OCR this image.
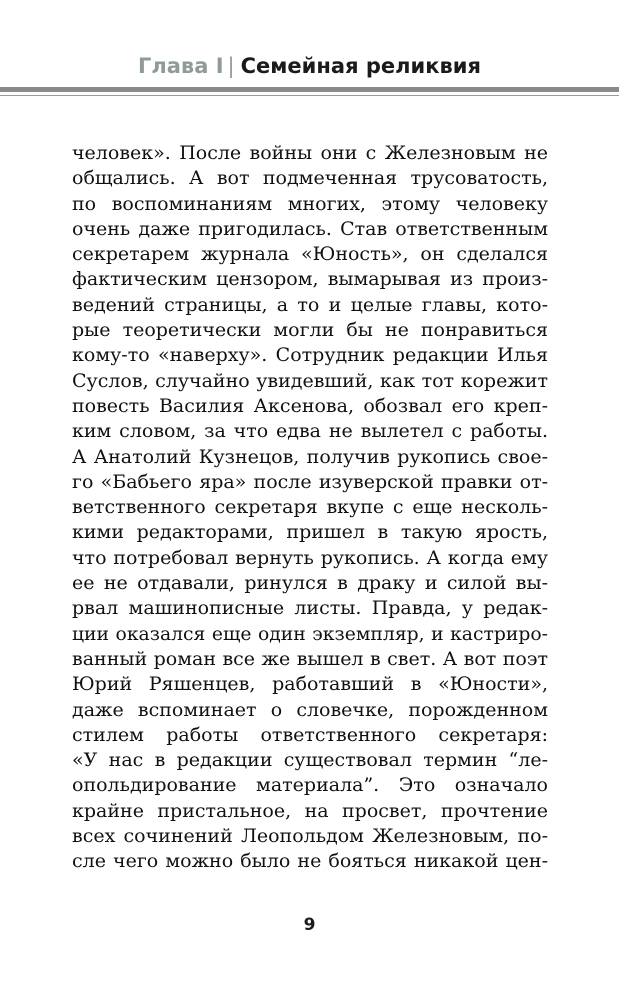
Глава I | Семейная реликвия
человек». После войны они с Железновым не
общались. А вот подмеченная трусоватость,
по воспоминаниям многих, этому человеку
очень даже пригодилась. Став ответственным
секретарем журнала «Юность», он сделался
фактическим цензором, вымарывая из произ-
ведений страницы, а то и целые главы, кото-
рые теоретически могли бы не понравиться
кому-то «наверху». Сотрудник редакции Илья
Суслов, случайно увидевший, как тот корежит
повесть Василия Аксенова, обозвал его креп-
ким словом, за что едва не вылетел с работы.
А Анатолий Кузнецов, получив рукопись свое-
го «Бабьего яра» после изуверской правки от-
ветственного секретаря вкупе с еще несколь-
кими редакторами, пришел в такую ярость,
что потребовал вернуть рукопись. А когда ему
ее не отдавали, ринулся в драку и силой вы-
рвал машинописные листы. Правда, у редак-
ции оказался еще один экземпляр, и кастриро-
ванный роман все же вышел в свет. А вот поэт
Юрий Ряшенцев, работавший в «Юности»,
даже вспоминает о словечке, порожденном
стилем работы ответственного секретаря:
«У нас в редакции существовал термин “ле-
опольдирование материала”. Это означало
крайне пристальное, на просвет, прочтение
всех сочинений Леопольдом Железновым, по-
сле чего можно было не бояться никакой цен-
9
